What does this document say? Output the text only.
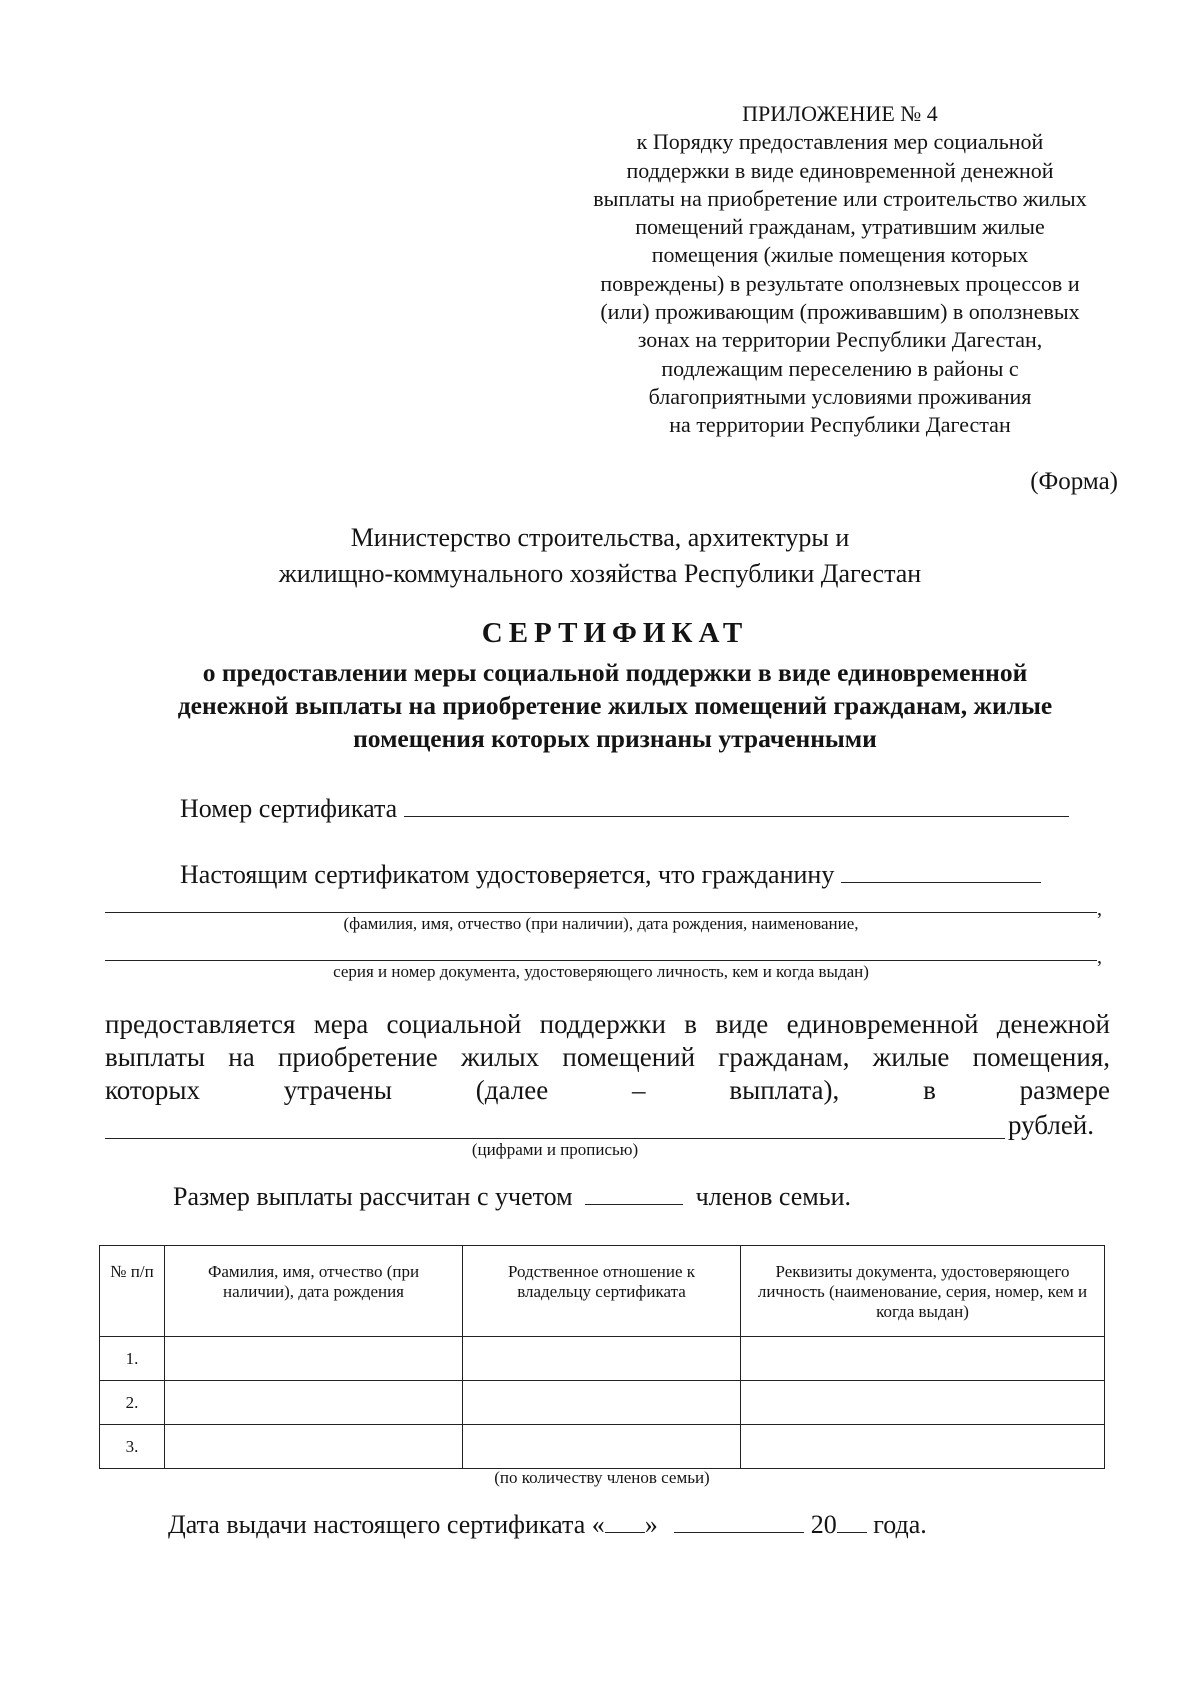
ПРИЛОЖЕНИЕ № 4
к Порядку предоставления мер социальной
поддержки в виде единовременной денежной
выплаты на приобретение или строительство жилых
помещений гражданам, утратившим жилые
помещения (жилые помещения которых
повреждены) в результате оползневых процессов и
(или) проживающим (проживавшим) в оползневых
зонах на территории Республики Дагестан,
подлежащим переселению в районы с
благоприятными условиями проживания
на территории Республики Дагестан
(Форма)
Министерство строительства, архитектуры и
жилищно-коммунального хозяйства Республики Дагестан
СЕРТИФИКАТ
о предоставлении меры социальной поддержки в виде единовременной
денежной выплаты на приобретение жилых помещений гражданам, жилые
помещения которых признаны утраченными
Номер сертификата
Настоящим сертификатом удостоверяется, что гражданину
,
(фамилия, имя, отчество (при наличии), дата рождения, наименование,
,
серия и номер документа, удостоверяющего личность, кем и когда выдан)
предоставляется мера социальной поддержки в виде единовременной денежной
выплаты на приобретение жилых помещений гражданам, жилые помещения,
которых	утрачены	(далее	–	выплата),	в	размере
рублей.
(цифрами и прописью)
Размер выплаты рассчитан с учетом	членов семьи.
№ п/п	Фамилия, имя, отчество (при наличии), дата рождения	Родственное отношение к владельцу сертификата	Реквизиты документа, удостоверяющего личность (наименование, серия, номер, кем и когда выдан)
1.			
2.			
3.			
(по количеству членов семьи)
Дата выдачи настоящего сертификата « »	20 года.
